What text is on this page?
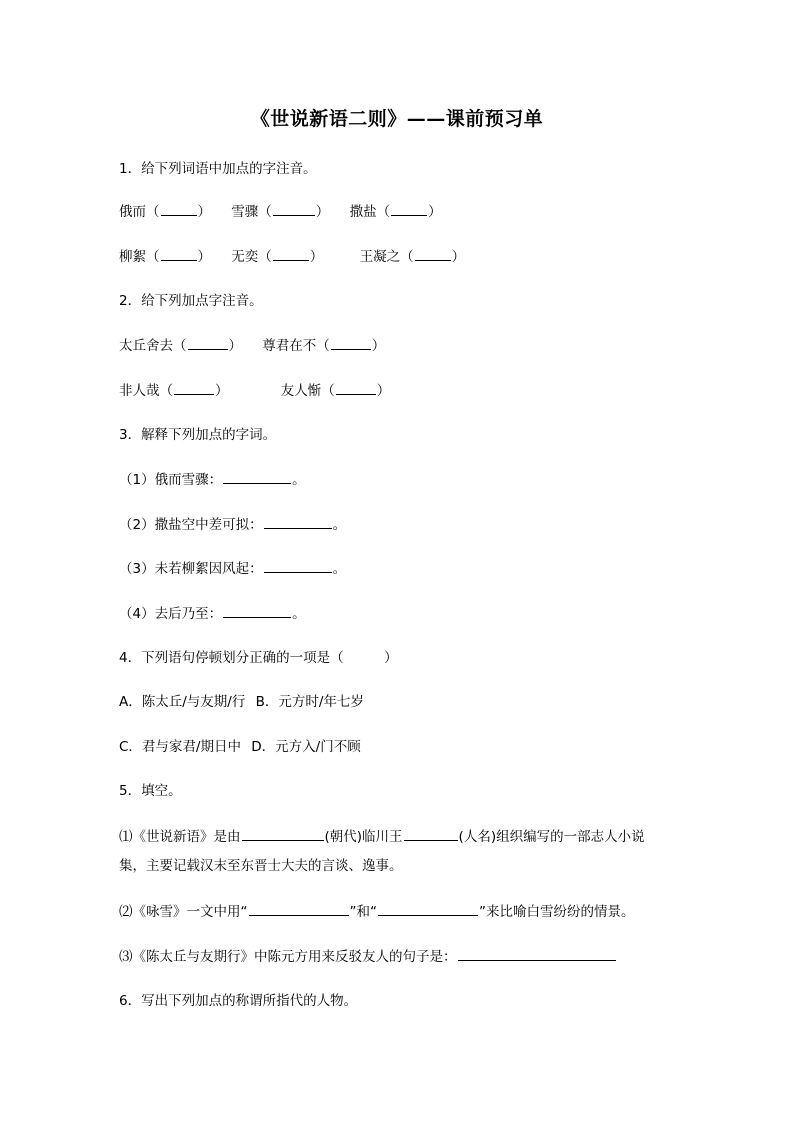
《世说新语二则》——课前预习单
1．给下列词语中加点的字注音。
俄而（	） 雪骤（	） 撒盐（	）
柳絮（	） 无奕（	）	王凝之（	）
2．给下列加点字注音。
太丘舍去（	） 尊君在不（	）
非人哉（	）	友人惭（	）
3．解释下列加点的字词。
（1）俄而雪骤：	。
（2）撒盐空中差可拟：	。
（3）未若柳絮因风起：	。
（4）去后乃至：	。
4．下列语句停顿划分正确的一项是（　　　）
A．陈太丘/与友期/行 B．元方时/年七岁
C．君与家君/期日中 D．元方入/门不顾
5．填空。
⑴《世说新语》是由	(朝代)临川王	(人名)组织编写的一部志人小说
集，主要记载汉末至东晋士大夫的言谈、逸事。
⑵《咏雪》一文中用“	”和“	”来比喻白雪纷纷的情景。
⑶《陈太丘与友期行》中陈元方用来反驳友人的句子是：
6．写出下列加点的称谓所指代的人物。
